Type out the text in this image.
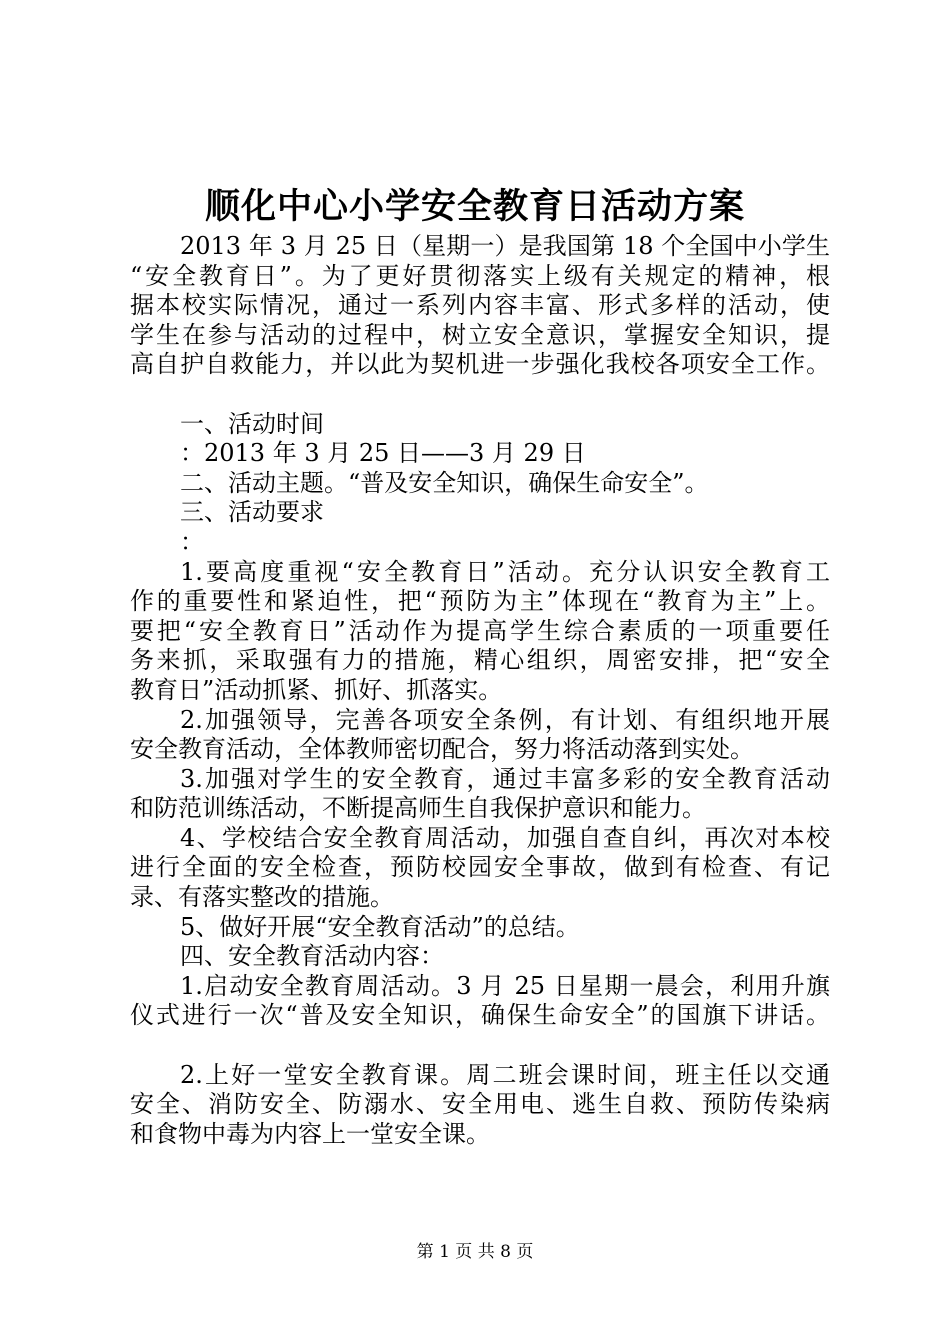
顺化中心小学安全教育日活动方案
2013 年 3 月 25 日（星期一）是我国第 18 个全国中小学生
“安全教育日”。为了更好贯彻落实上级有关规定的精神，根
据本校实际情况，通过一系列内容丰富、形式多样的活动，使
学生在参与活动的过程中，树立安全意识，掌握安全知识，提
高自护自救能力，并以此为契机进一步强化我校各项安全工作。
一、活动时间
：2013 年 3 月 25 日——3 月 29 日
二、活动主题。“普及安全知识，确保生命安全”。
三、活动要求
：
1.要高度重视“安全教育日”活动。充分认识安全教育工
作的重要性和紧迫性，把“预防为主”体现在“教育为主”上。
要把“安全教育日”活动作为提高学生综合素质的一项重要任
务来抓，采取强有力的措施，精心组织，周密安排，把“安全
教育日”活动抓紧、抓好、抓落实。
2.加强领导，完善各项安全条例，有计划、有组织地开展
安全教育活动，全体教师密切配合，努力将活动落到实处。
3.加强对学生的安全教育，通过丰富多彩的安全教育活动
和防范训练活动，不断提高师生自我保护意识和能力。
4、学校结合安全教育周活动，加强自查自纠，再次对本校
进行全面的安全检查，预防校园安全事故，做到有检查、有记
录、有落实整改的措施。
5、做好开展“安全教育活动”的总结。
四、安全教育活动内容：
1.启动安全教育周活动。3 月 25 日星期一晨会，利用升旗
仪式进行一次“普及安全知识，确保生命安全”的国旗下讲话。
2.上好一堂安全教育课。周二班会课时间，班主任以交通
安全、消防安全、防溺水、安全用电、逃生自救、预防传染病
和食物中毒为内容上一堂安全课。
第 1 页 共 8 页
